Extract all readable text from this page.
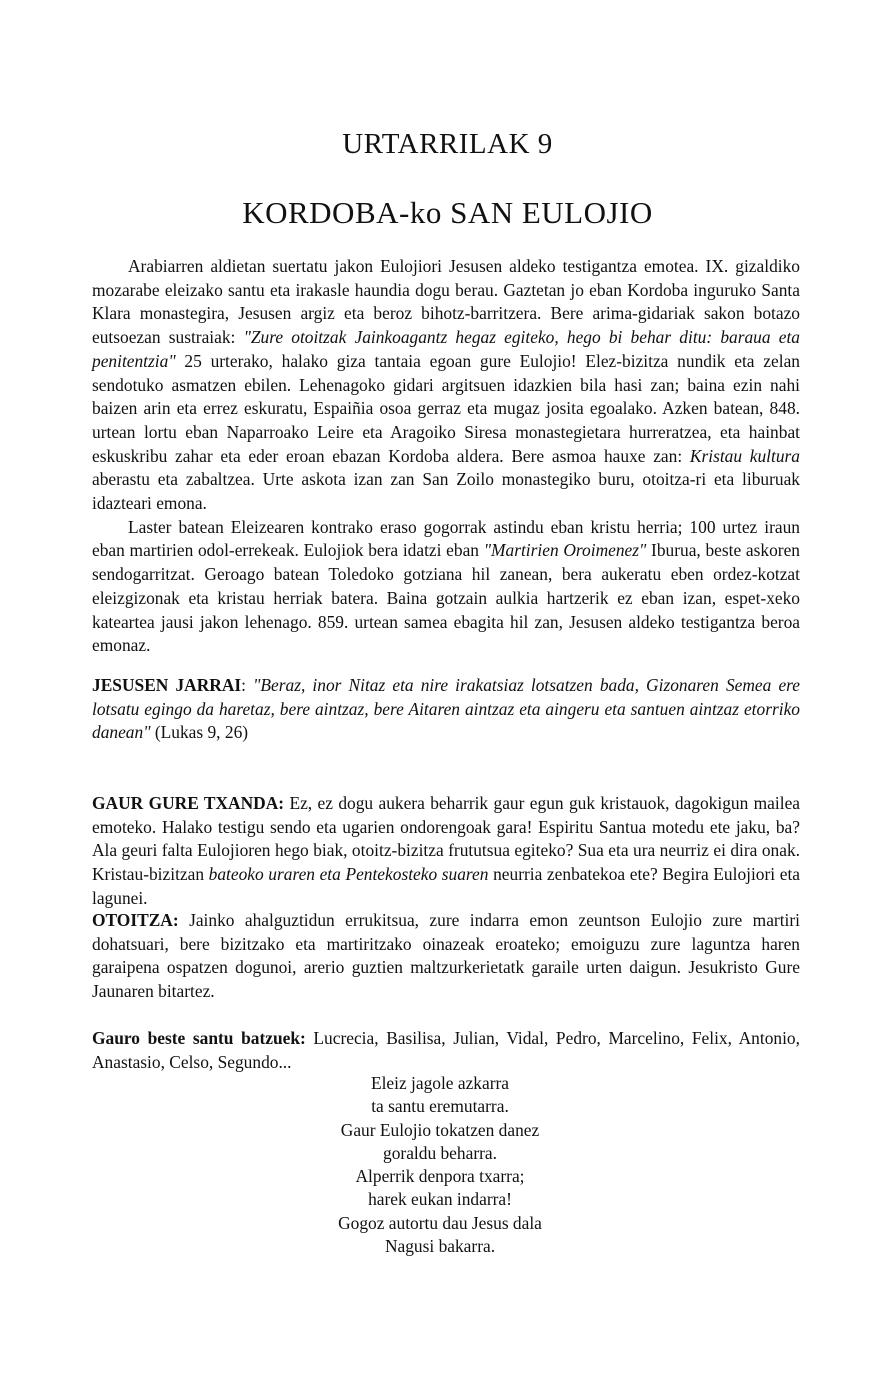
URTARRILAK 9
KORDOBA-ko SAN EULOJIO

Arabiarren aldietan suertatu jakon Eulojiori Jesusen aldeko testigantza emotea. IX. gizaldiko mozarabe eleizako santu eta irakasle haundia dogu berau. Gaztetan jo eban Kordoba inguruko Santa Klara monastegira, Jesusen argiz eta beroz bihotz-barritzera. Bere arima-gidariak sakon botazo eutsoezan sustraiak: "Zure otoitzak Jainkoagantz hegaz egiteko, hego bi behar ditu: baraua eta penitentzia" 25 urterako, halako giza tantaia egoan gure Eulojio! Elez-bizitza nundik eta zelan sendotuko asmatzen ebilen. Lehenagoko gidari argitsuen idazkien bila hasi zan; baina ezin nahi baizen arin eta errez eskuratu, Espaiñia osoa gerraz eta mugaz josita egoalako. Azken batean, 848. urtean lortu eban Naparroako Leire eta Aragoiko Siresa monastegietara hurreratzea, eta hainbat eskuskribu zahar eta eder eroan ebazan Kordoba aldera. Bere asmoa hauxe zan: Kristau kultura aberastu eta zabaltzea. Urte askota izan zan San Zoilo monastegiko buru, otoitza-ri eta liburuak idazteari emona.

Laster batean Eleizearen kontrako eraso gogorrak astindu eban kristu herria; 100 urtez iraun eban martirien odol-errekeak. Eulojiok bera idatzi eban "Martirien Oroimenez" Iburua, beste askoren sendogarritzat. Geroago batean Toledoko gotziana hil zanean, bera aukeratu eben ordez-kotzat eleizgizonak eta kristau herriak batera. Baina gotzain aulkia hartzerik ez eban izan, espet-xeko kateartea jausi jakon lehenago. 859. urtean samea ebagita hil zan, Jesusen aldeko testigantza beroa emonaz.

JESUSEN JARRAI: "Beraz, inor Nitaz eta nire irakatsiaz lotsatzen bada, Gizonaren Semea ere lotsatu egingo da haretaz, bere aintzaz, bere Aitaren aintzaz eta aingeru eta santuen aintzaz etorriko danean" (Lukas 9, 26)

GAUR GURE TXANDA: Ez, ez dogu aukera beharrik gaur egun guk kristauok, dagokigun mailea emoteko. Halako testigu sendo eta ugarien ondorengoak gara! Espiritu Santua motedu ete jaku, ba? Ala geuri falta Eulojioren hego biak, otoitz-bizitza frututsua egiteko? Sua eta ura neurriz ei dira onak. Kristau-bizitzan bateoko uraren eta Pentekosteko suaren neurria zenbatekoa ete? Begira Eulojiori eta lagunei.

OTOITZA: Jainko ahalguztidun errukitsua, zure indarra emon zeuntson Eulojio zure martiri dohatsuari, bere bizitzako eta martiritzako oinazeak eroateko; emoiguzu zure laguntza haren garaipena ospatzen dogunoi, arerio guztien maltzurkerietatk garaile urten daigun. Jesukristo Gure Jaunaren bitartez.

Gauro beste santu batzuek: Lucrecia, Basilisa, Julian, Vidal, Pedro, Marcelino, Felix, Antonio, Anastasio, Celso, Segundo...

Eleiz jagole azkarra
ta santu eremutarra.
Gaur Eulojio tokatzen danez
goraldu beharra.
Alperrik denpora txarra;
harek eukan indarra!
Gogoz autortu dau Jesus dala
Nagusi bakarra.
